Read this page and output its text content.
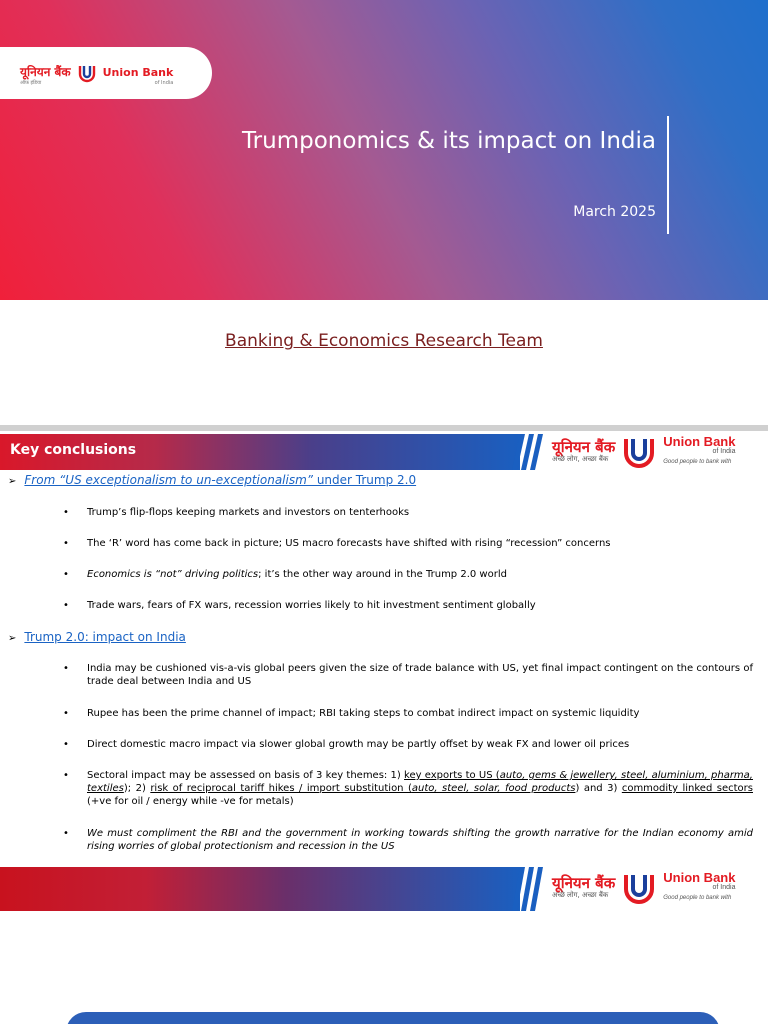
यूनियन बैंक
ऑफ़ इंडिया
Union Bank
of India
Trumponomics & its impact on India
March 2025
Banking & Economics Research Team
Key conclusions	यूनियन बैंक
अच्छे लोग, अच्छा बैंक
Union Bank
of India
Good people to bank with
➢ From “US exceptionalism to un-exceptionalism” under Trump 2.0
• Trump’s flip-flops keeping markets and investors on tenterhooks
• The ‘R’ word has come back in picture; US macro forecasts have shifted with rising “recession” concerns
• Economics is “not” driving politics; it’s the other way around in the Trump 2.0 world
• Trade wars, fears of FX wars, recession worries likely to hit investment sentiment globally
➢ Trump 2.0: impact on India
• India may be cushioned vis-a-vis global peers given the size of trade balance with US, yet final impact contingent on the contours of trade deal between India and US
• Rupee has been the prime channel of impact; RBI taking steps to combat indirect impact on systemic liquidity
• Direct domestic macro impact via slower global growth may be partly offset by weak FX and lower oil prices
• Sectoral impact may be assessed on basis of 3 key themes: 1) key exports to US (auto, gems & jewellery, steel, aluminium, pharma, textiles); 2) risk of reciprocal tariff hikes / import substitution (auto, steel, solar, food products) and 3) commodity linked sectors (+ve for oil / energy while -ve for metals)
• We must compliment the RBI and the government in working towards shifting the growth narrative for the Indian economy amid rising worries of global protectionism and recession in the US
यूनियन बैंक
अच्छे लोग, अच्छा बैंक
Union Bank
of India
Good people to bank with
